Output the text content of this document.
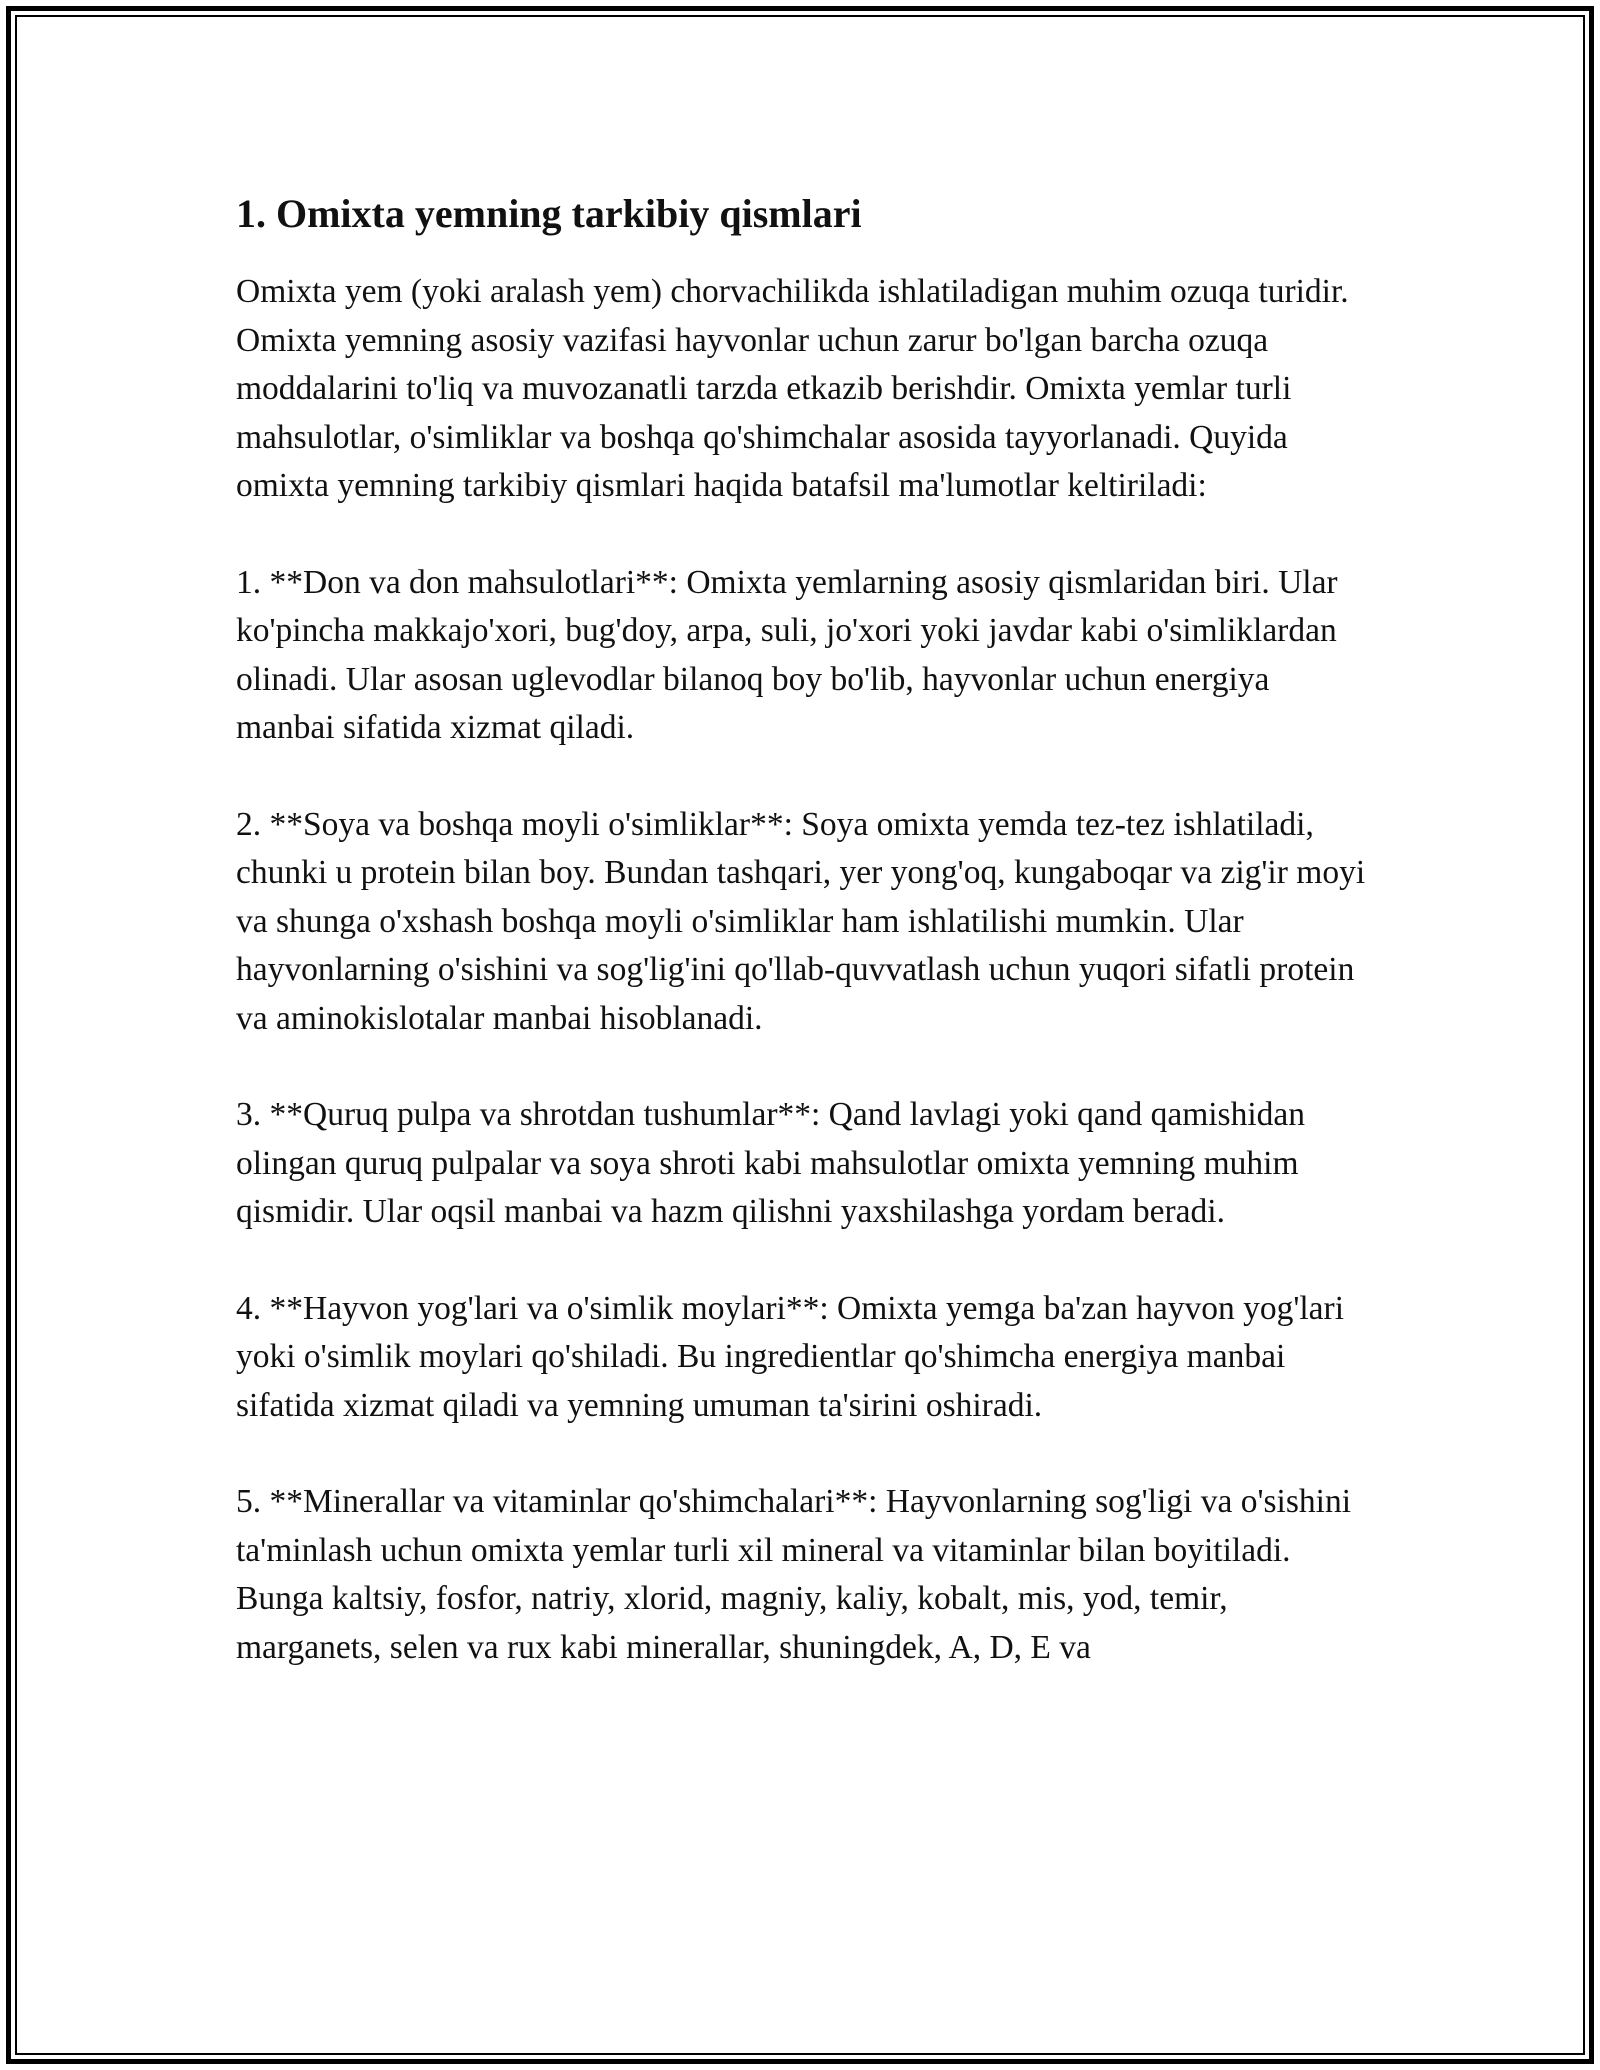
1. Omixta yemning tarkibiy qismlari

Omixta yem (yoki aralash yem) chorvachilikda ishlatiladigan muhim ozuqa turidir. Omixta yemning asosiy vazifasi hayvonlar uchun zarur bo'lgan barcha ozuqa moddalarini to'liq va muvozanatli tarzda etkazib berishdir. Omixta yemlar turli mahsulotlar, o'simliklar va boshqa qo'shimchalar asosida tayyorlanadi. Quyida omixta yemning tarkibiy qismlari haqida batafsil ma'lumotlar keltiriladi:

1. **Don va don mahsulotlari**: Omixta yemlarning asosiy qismlaridan biri. Ular ko'pincha makkajo'xori, bug'doy, arpa, suli, jo'xori yoki javdar kabi o'simliklardan olinadi. Ular asosan uglevodlar bilanoq boy bo'lib, hayvonlar uchun energiya manbai sifatida xizmat qiladi.

2. **Soya va boshqa moyli o'simliklar**: Soya omixta yemda tez-tez ishlatiladi, chunki u protein bilan boy. Bundan tashqari, yer yong'oq, kungaboqar va zig'ir moyi va shunga o'xshash boshqa moyli o'simliklar ham ishlatilishi mumkin. Ular hayvonlarning o'sishini va sog'lig'ini qo'llab-quvvatlash uchun yuqori sifatli protein va aminokislotalar manbai hisoblanadi.

3. **Quruq pulpa va shrotdan tushumlar**: Qand lavlagi yoki qand qamishidan olingan quruq pulpalar va soya shroti kabi mahsulotlar omixta yemning muhim qismidir. Ular oqsil manbai va hazm qilishni yaxshilashga yordam beradi.

4. **Hayvon yog'lari va o'simlik moylari**: Omixta yemga ba'zan hayvon yog'lari yoki o'simlik moylari qo'shiladi. Bu ingredientlar qo'shimcha energiya manbai sifatida xizmat qiladi va yemning umuman ta'sirini oshiradi.

5. **Minerallar va vitaminlar qo'shimchalari**: Hayvonlarning sog'ligi va o'sishini ta'minlash uchun omixta yemlar turli xil mineral va vitaminlar bilan boyitiladi. Bunga kaltsiy, fosfor, natriy, xlorid, magniy, kaliy, kobalt, mis, yod, temir, marganets, selen va rux kabi minerallar, shuningdek, A, D, E va
